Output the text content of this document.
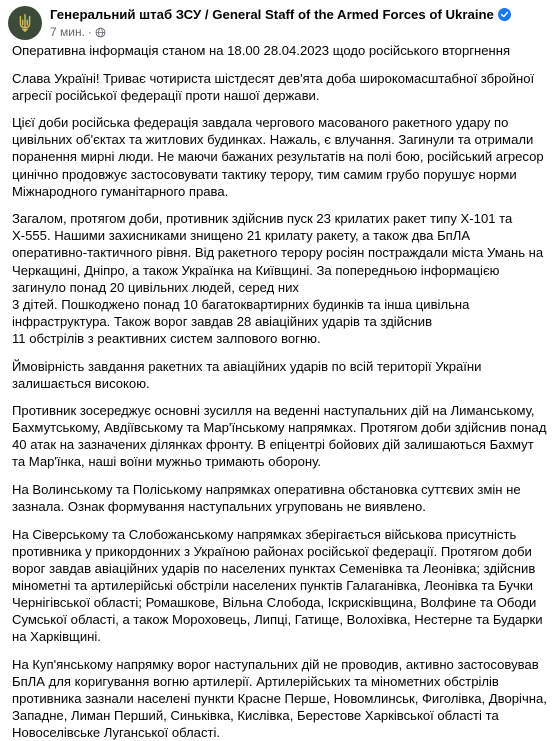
Генеральний штаб ЗСУ / General Staff of the Armed Forces of Ukraine
7 мин. ·

Оперативна інформація станом на 18.00 28.04.2023 щодо російського вторгнення

Слава Україні! Триває чотириста шістдесят дев'ята доба широкомасштабної збройної агресії російської федерації проти нашої держави.

Цієї доби російська федерація завдала чергового масованого ракетного удару по цивільних об'єктах та житлових будинках. Нажаль, є влучання. Загинули та отримали поранення мирні люди. Не маючи бажаних результатів на полі бою, російський агресор цинічно продовжує застосовувати тактику терору, тим самим грубо порушує норми Міжнародного гуманітарного права.

Загалом, протягом доби, противник здійснив пуск 23 крилатих ракет типу Х-101 та Х-555. Нашими захисниками знищено 21 крилату ракету, а також два БпЛА оперативно-тактичного рівня. Від ракетного терору росіян постраждали міста Умань на Черкащині, Дніпро, а також Українка на Київщині. За попередньою інформацією загинуло понад 20 цивільних людей, серед них
3 дітей. Пошкоджено понад 10 багатоквартирних будинків та інша цивільна інфраструктура. Також ворог завдав 28 авіаційних ударів та здійснив
11 обстрілів з реактивних систем залпового вогню.

Ймовірність завдання ракетних та авіаційних ударів по всій території України залишається високою.

Противник зосереджує основні зусилля на веденні наступальних дій на Лиманському, Бахмутському, Авдіївському та Мар'їнському напрямках. Протягом доби здійснив понад 40 атак на зазначених ділянках фронту. В епіцентрі бойових дій залишаються Бахмут та Мар'їнка, наші воїни мужньо тримають оборону.

На Волинському та Поліському напрямках оперативна обстановка суттєвих змін не зазнала. Ознак формування наступальних угруповань не виявлено.

На Сіверському та Слобожанському напрямках зберігається військова присутність противника у прикордонних з Україною районах російської федерації. Протягом доби ворог завдав авіаційних ударів по населених пунктах Семенівка та Леонівка; здійснив мінометні та артилерійські обстріли населених пунктів Галаганівка, Леонівка та Бучки Чернігівської області; Ромашкове, Вільна Слобода, Іскрисківщина, Волфине та Ободи Сумської області, а також Мороховець, Липці, Гатище, Волохівка, Нестерне та Бударки на Харківщині.

На Куп'янському напрямку ворог наступальних дій не проводив, активно застосовував БпЛА для коригування вогню артилерії. Артилерійських та мінометних обстрілів противника зазнали населені пункти Красне Перше, Новомлинськ, Фиголівка, Дворічна, Западне, Лиман Перший, Синьківка, Кислівка, Берестове Харківської області та Новоселівське Луганської області.
